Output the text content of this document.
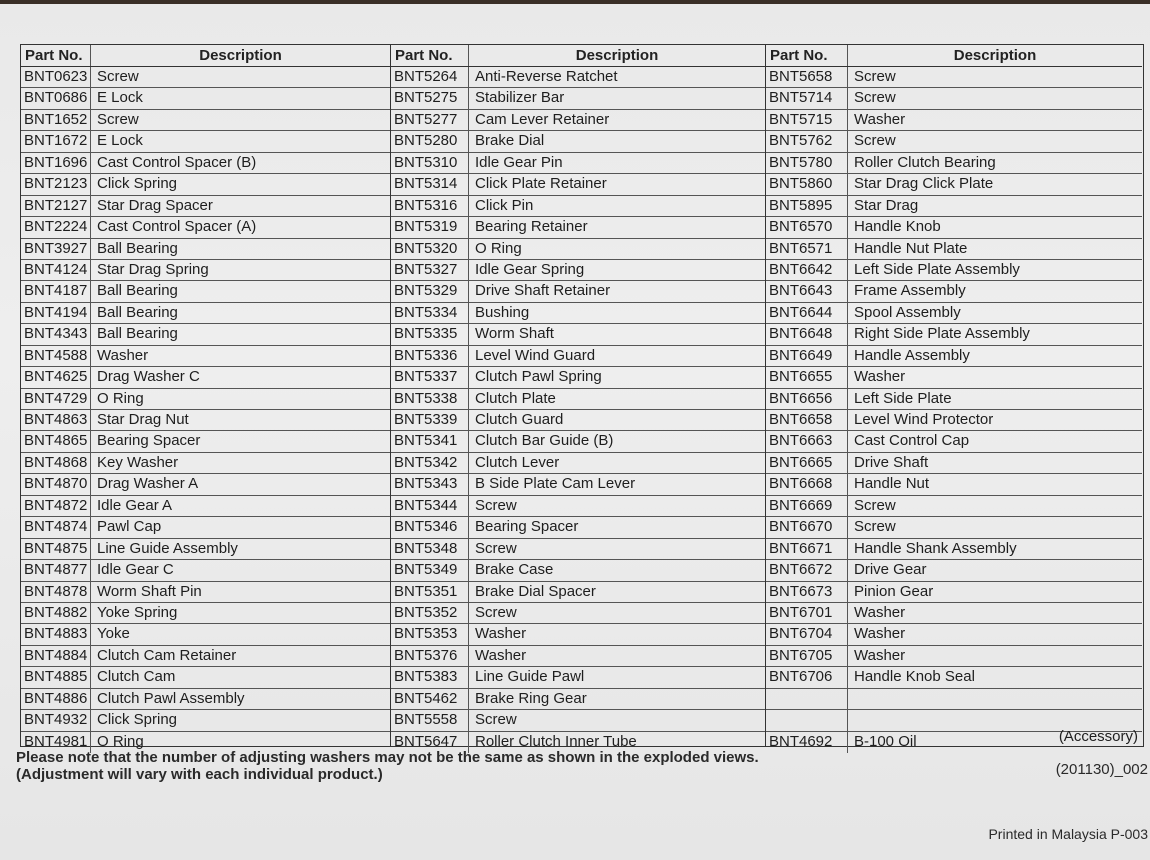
Part No.	Description
BNT0623 Screw
BNT0686 E Lock
BNT1652 Screw
BNT1672 E Lock
BNT1696 Cast Control Spacer (B)
BNT2123 Click Spring
BNT2127 Star Drag Spacer
BNT2224 Cast Control Spacer (A)
BNT3927 Ball Bearing
BNT4124 Star Drag Spring
BNT4187 Ball Bearing
BNT4194 Ball Bearing
BNT4343 Ball Bearing
BNT4588 Washer
BNT4625 Drag Washer C
BNT4729 O Ring
BNT4863 Star Drag Nut
BNT4865 Bearing Spacer
BNT4868 Key Washer
BNT4870 Drag Washer A
BNT4872 Idle Gear A
BNT4874 Pawl Cap
BNT4875 Line Guide Assembly
BNT4877 Idle Gear C
BNT4878 Worm Shaft Pin
BNT4882 Yoke Spring
BNT4883 Yoke
BNT4884 Clutch Cam Retainer
BNT4885 Clutch Cam
BNT4886 Clutch Pawl Assembly
BNT4932 Click Spring
BNT4981 O Ring
Part No.	Description
BNT5264	Anti-Reverse Ratchet
BNT5275	Stabilizer Bar
BNT5277	Cam Lever Retainer
BNT5280	Brake Dial
BNT5310	Idle Gear Pin
BNT5314	Click Plate Retainer
BNT5316	Click Pin
BNT5319	Bearing Retainer
BNT5320	O Ring
BNT5327	Idle Gear Spring
BNT5329	Drive Shaft Retainer
BNT5334	Bushing
BNT5335	Worm Shaft
BNT5336	Level Wind Guard
BNT5337	Clutch Pawl Spring
BNT5338	Clutch Plate
BNT5339	Clutch Guard
BNT5341	Clutch Bar Guide (B)
BNT5342	Clutch Lever
BNT5343	B Side Plate Cam Lever
BNT5344	Screw
BNT5346	Bearing Spacer
BNT5348	Screw
BNT5349	Brake Case
BNT5351	Brake Dial Spacer
BNT5352	Screw
BNT5353	Washer
BNT5376	Washer
BNT5383	Line Guide Pawl
BNT5462	Brake Ring Gear
BNT5558	Screw
BNT5647	Roller Clutch Inner Tube
Part No.	Description
BNT5658	Screw
BNT5714	Screw
BNT5715	Washer
BNT5762	Screw
BNT5780	Roller Clutch Bearing
BNT5860	Star Drag Click Plate
BNT5895	Star Drag
BNT6570	Handle Knob
BNT6571	Handle Nut Plate
BNT6642	Left Side Plate Assembly
BNT6643	Frame Assembly
BNT6644	Spool Assembly
BNT6648	Right Side Plate Assembly
BNT6649	Handle Assembly
BNT6655	Washer
BNT6656	Left Side Plate
BNT6658	Level Wind Protector
BNT6663	Cast Control Cap
BNT6665	Drive Shaft
BNT6668	Handle Nut
BNT6669	Screw
BNT6670	Screw
BNT6671	Handle Shank Assembly
BNT6672	Drive Gear
BNT6673	Pinion Gear
BNT6701	Washer
BNT6704	Washer
BNT6705	Washer
BNT6706	Handle Knob Seal
BNT4692	B-100 Oil	(Accessory)
Please note that the number of adjusting washers may not be the same as shown in the exploded views.
(Adjustment will vary with each individual product.)	(201130)_002
Printed in Malaysia P-003
